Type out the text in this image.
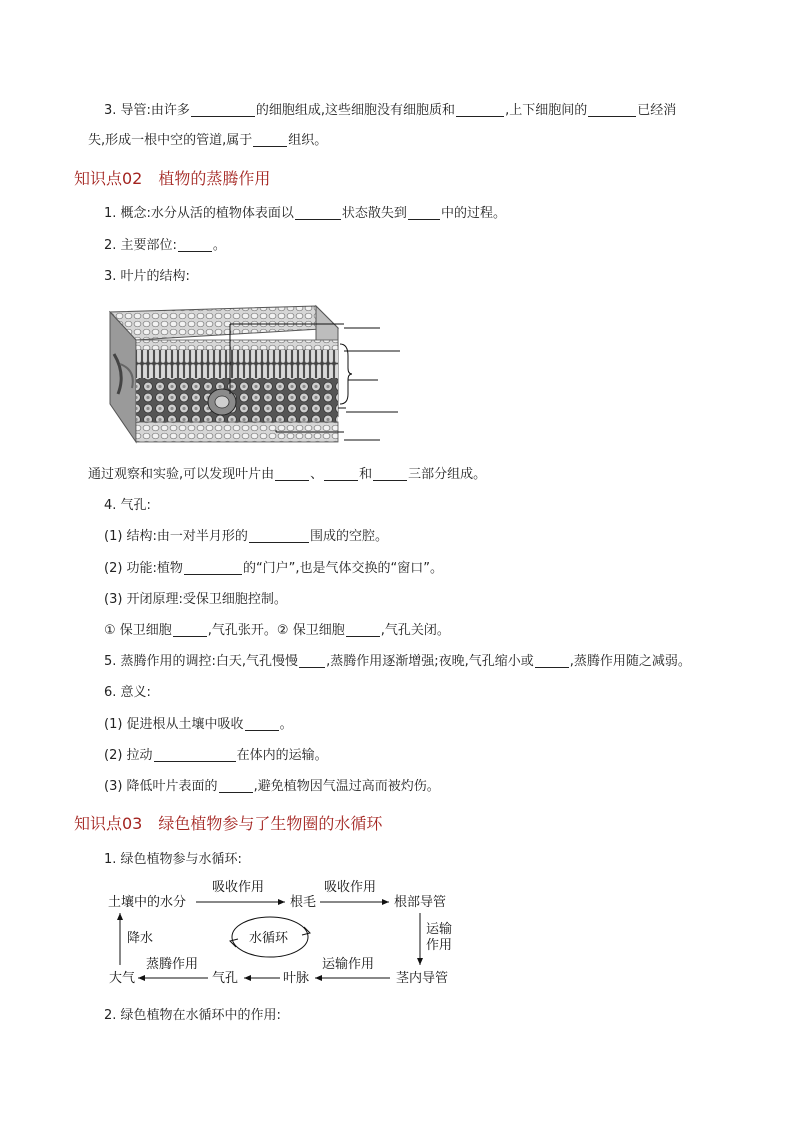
3. 导管:由许多	的细胞组成,这些细胞没有细胞质和	,上下细胞间的	已经消
失,形成一根中空的管道,属于	组织。
知识点02 植物的蒸腾作用
1. 概念:水分从活的植物体表面以	状态散失到	中的过程。
2. 主要部位:	。
3. 叶片的结构:
通过观察和实验,可以发现叶片由	、	和	三部分组成。
4. 气孔:
(1) 结构:由一对半月形的	围成的空腔。
(2) 功能:植物	的“门户”,也是气体交换的“窗口”。
(3) 开闭原理:受保卫细胞控制。
① 保卫细胞	,气孔张开。② 保卫细胞	,气孔关闭。
5. 蒸腾作用的调控:白天,气孔慢慢 ,蒸腾作用逐渐增强;夜晚,气孔缩小或	,蒸腾作用随之减弱。
6. 意义:
(1) 促进根从土壤中吸收	。
(2) 拉动	在体内的运输。
(3) 降低叶片表面的	,避免植物因气温过高而被灼伤。
知识点03 绿色植物参与了生物圈的水循环
1. 绿色植物参与水循环:
土壤中的水分	根毛	根部导管
茎内导管
叶脉
气孔
大气
吸收作用	吸收作用
运输
作用
运输作用
蒸腾作用
降水	水循环
2. 绿色植物在水循环中的作用:
